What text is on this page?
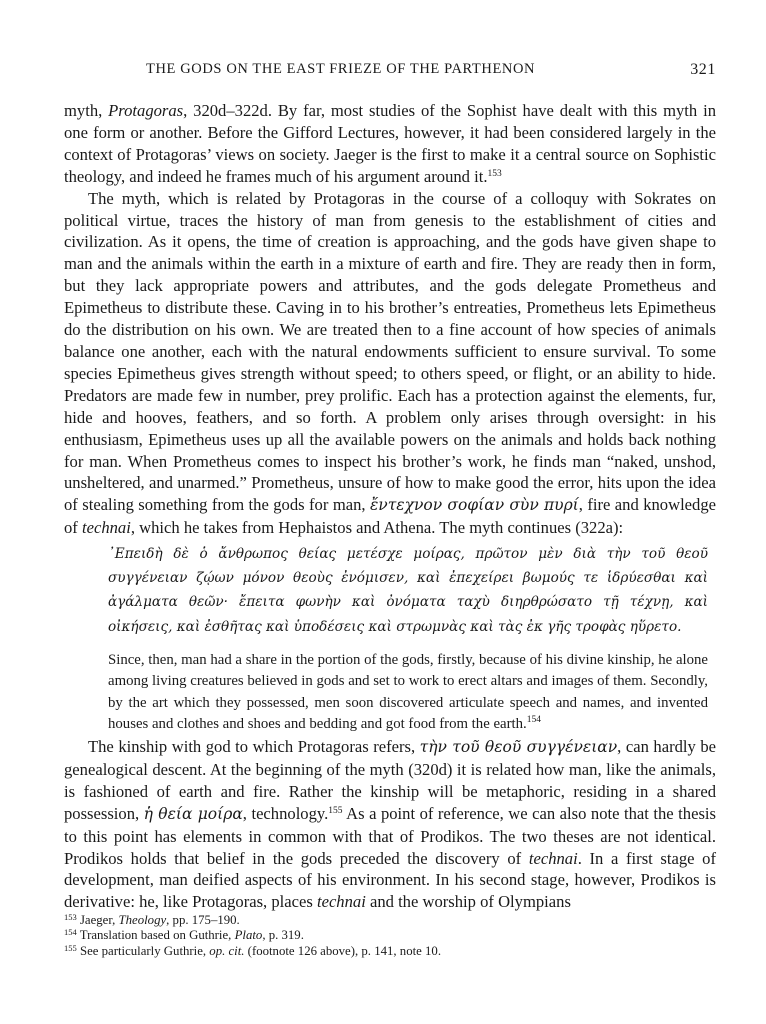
THE GODS ON THE EAST FRIEZE OF THE PARTHENON	321

myth, Protagoras, 320d–322d. By far, most studies of the Sophist have dealt with this myth in one form or another. Before the Gifford Lectures, however, it had been considered largely in the context of Protagoras’ views on society. Jaeger is the first to make it a central source on Sophistic theology, and indeed he frames much of his argument around it.$^{153}$

The myth, which is related by Protagoras in the course of a colloquy with Sokrates on political virtue, traces the history of man from genesis to the establishment of cities and civilization. As it opens, the time of creation is approaching, and the gods have given shape to man and the animals within the earth in a mixture of earth and fire. They are ready then in form, but they lack appropriate powers and attributes, and the gods delegate Prometheus and Epimetheus to distribute these. Caving in to his brother’s entreaties, Prometheus lets Epimetheus do the distribution on his own. We are treated then to a fine account of how species of animals balance one another, each with the natural endowments sufficient to ensure survival. To some species Epimetheus gives strength without speed; to others speed, or flight, or an ability to hide. Predators are made few in number, prey prolific. Each has a protection against the elements, fur, hide and hooves, feathers, and so forth. A problem only arises through oversight: in his enthusiasm, Epimetheus uses up all the available powers on the animals and holds back nothing for man. When Prometheus comes to inspect his brother’s work, he finds man “naked, unshod, unsheltered, and unarmed.” Prometheus, unsure of how to make good the error, hits upon the idea of stealing something from the gods for man, ἔντεχνον σοφίαν σὺν πυρί, fire and knowledge of technai, which he takes from Hephaistos and Athena. The myth continues (322a):

᾿Επειδὴ δὲ ὁ ἄνθρωπος θείας μετέσχε μοίρας, πρῶτον μὲν διὰ τὴν τοῦ θεοῦ συγγένειαν ζῴων μόνον θεοὺς ἐνόμισεν, καὶ ἐπεχείρει βωμούς τε ἱδρύεσθαι καὶ ἀγάλματα θεῶν· ἔπειτα φωνὴν καὶ ὀνόματα ταχὺ διηρθρώσατο τῇ τέχνῃ, καὶ οἰκήσεις, καὶ ἐσθῆτας καὶ ὑποδέσεις καὶ στρωμνὰς καὶ τὰς ἐκ γῆς τροφὰς ηὕρετο.

Since, then, man had a share in the portion of the gods, firstly, because of his divine kinship, he alone among living creatures believed in gods and set to work to erect altars and images of them. Secondly, by the art which they possessed, men soon discovered articulate speech and names, and invented houses and clothes and shoes and bedding and got food from the earth.$^{154}$

The kinship with god to which Protagoras refers, τὴν τοῦ θεοῦ συγγένειαν, can hardly be genealogical descent. At the beginning of the myth (320d) it is related how man, like the animals, is fashioned of earth and fire. Rather the kinship will be metaphoric, residing in a shared possession, ἡ θεία μοίρα, technology.$^{155}$ As a point of reference, we can also note that the thesis to this point has elements in common with that of Prodikos. The two theses are not identical. Prodikos holds that belief in the gods preceded the discovery of technai. In a first stage of development, man deified aspects of his environment. In his second stage, however, Prodikos is derivative: he, like Protagoras, places technai and the worship of Olympians

$^{153}$ Jaeger, Theology, pp. 175–190.

$^{154}$ Translation based on Guthrie, Plato, p. 319.

$^{155}$ See particularly Guthrie, op. cit. (footnote 126 above), p. 141, note 10.
